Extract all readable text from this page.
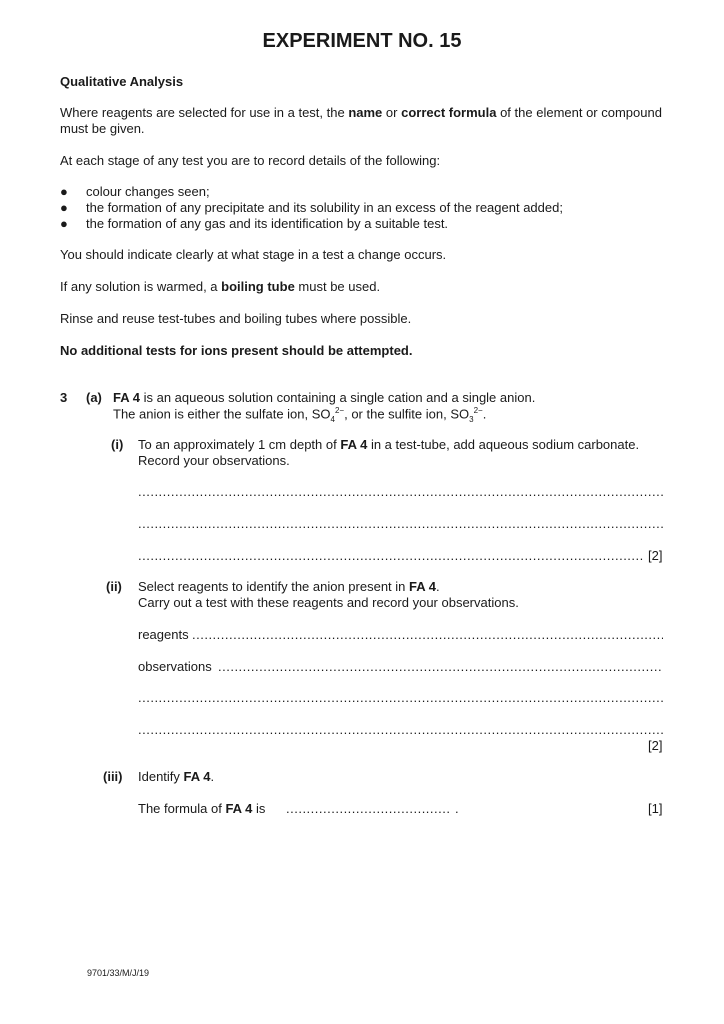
EXPERIMENT NO. 15
Qualitative Analysis
Where reagents are selected for use in a test, the name or correct formula of the element or compound
must be given.
At each stage of any test you are to record details of the following:
● colour changes seen;
● the formation of any precipitate and its solubility in an excess of the reagent added;
● the formation of any gas and its identification by a suitable test.
You should indicate clearly at what stage in a test a change occurs.
If any solution is warmed, a boiling tube must be used.
Rinse and reuse test-tubes and boiling tubes where possible.
No additional tests for ions present should be attempted.
3 (a) FA 4 is an aqueous solution containing a single cation and a single anion.
The anion is either the sulfate ion, $SO_4^{2-}$, or the sulfite ion, $SO_3^{2-}$.
(i) To an approximately 1 cm depth of FA 4 in a test-tube, add aqueous sodium carbonate.
Record your observations.
.....
.....
.....
[2]
(ii) Select reagents to identify the anion present in FA 4.
Carry out a test with these reagents and record your observations.
reagents
.....
observations
.....
.....
.....
[2]
(iii) Identify FA 4.
The formula of FA 4 is
.....	.	[1]
9701/33/M/J/19
